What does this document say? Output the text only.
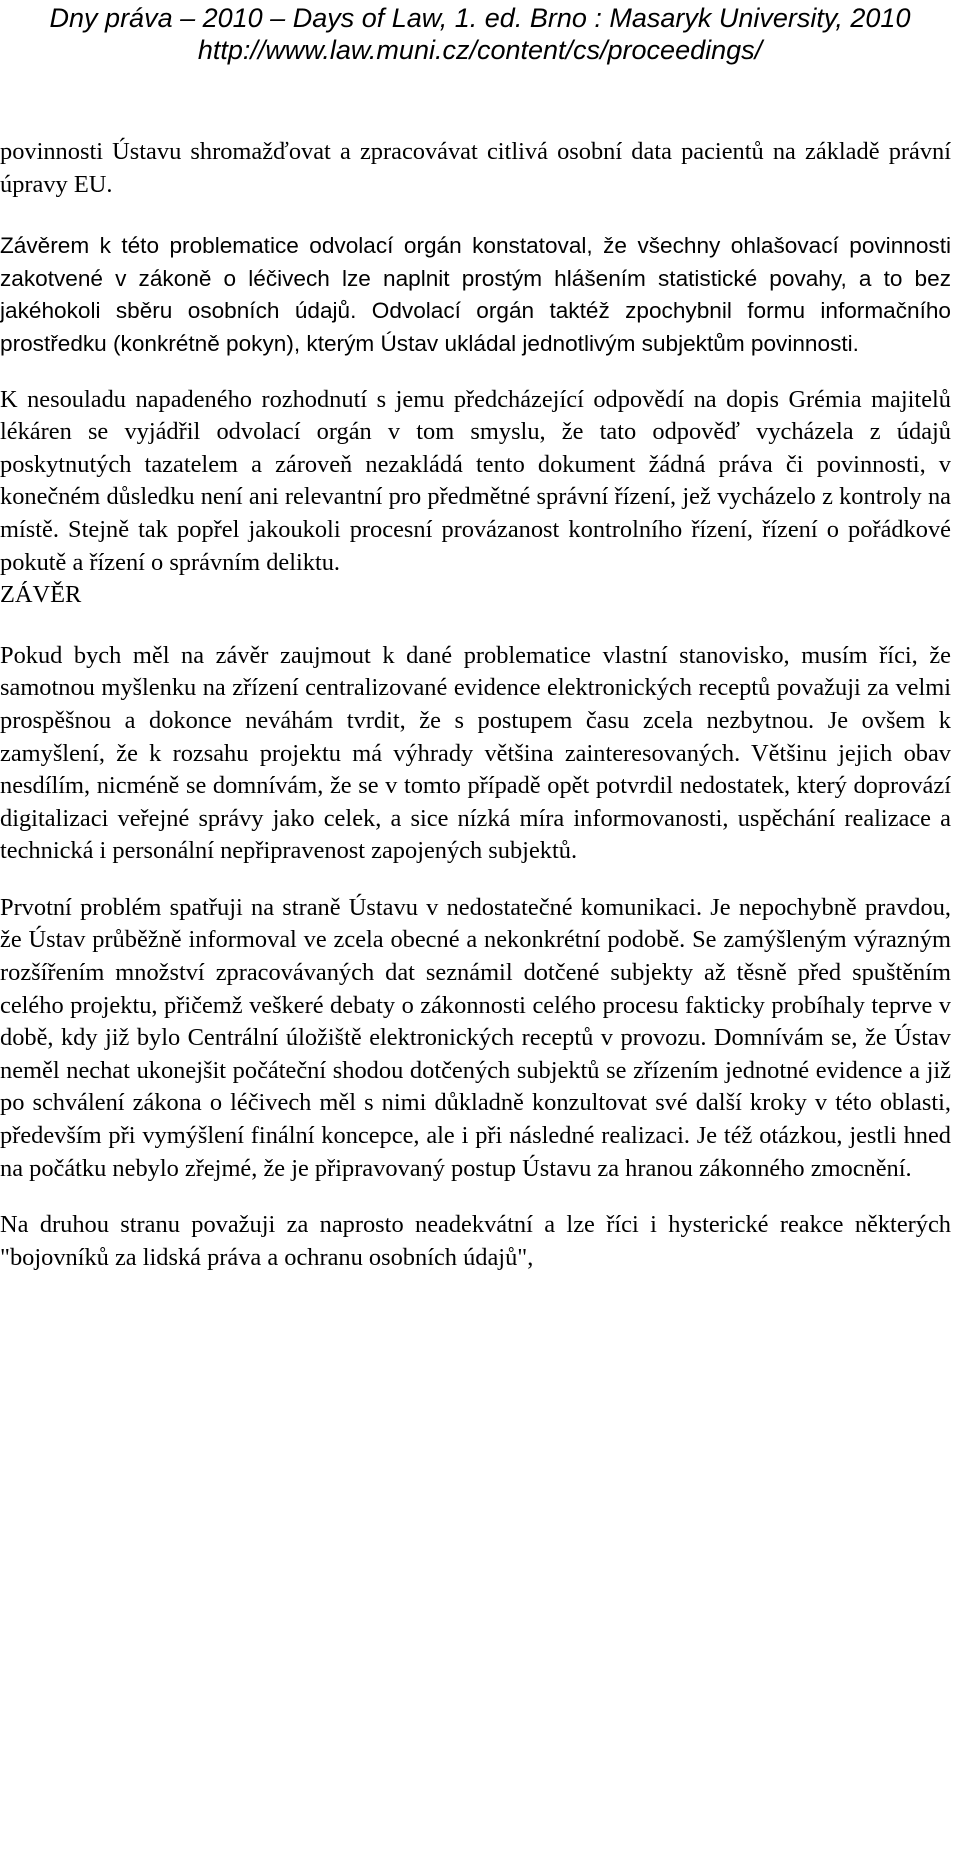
Dny práva – 2010 – Days of Law, 1. ed. Brno : Masaryk University, 2010
http://www.law.muni.cz/content/cs/proceedings/

povinnosti Ústavu shromažďovat a zpracovávat citlivá osobní data pacientů na základě právní úpravy EU.

Závěrem k této problematice odvolací orgán konstatoval, že všechny ohlašovací povinnosti zakotvené v zákoně o léčivech lze naplnit prostým hlášením statistické povahy, a to bez jakéhokoli sběru osobních údajů. Odvolací orgán taktéž zpochybnil formu informačního prostředku (konkrétně pokyn), kterým Ústav ukládal jednotlivým subjektům povinnosti.

K nesouladu napadeného rozhodnutí s jemu předcházející odpovědí na dopis Grémia majitelů lékáren se vyjádřil odvolací orgán v tom smyslu, že tato odpověď vycházela z údajů poskytnutých tazatelem a zároveň nezakládá tento dokument žádná práva či povinnosti, v konečném důsledku není ani relevantní pro předmětné správní řízení, jež vycházelo z kontroly na místě. Stejně tak popřel jakoukoli procesní provázanost kontrolního řízení, řízení o pořádkové pokutě a řízení o správním deliktu.

ZÁVĚR

Pokud bych měl na závěr zaujmout k dané problematice vlastní stanovisko, musím říci, že samotnou myšlenku na zřízení centralizované evidence elektronických receptů považuji za velmi prospěšnou a dokonce neváhám tvrdit, že s postupem času zcela nezbytnou. Je ovšem k zamyšlení, že k rozsahu projektu má výhrady většina zainteresovaných. Většinu jejich obav nesdílím, nicméně se domnívám, že se v tomto případě opět potvrdil nedostatek, který doprovází digitalizaci veřejné správy jako celek, a sice nízká míra informovanosti, uspěchání realizace a technická i personální nepřipravenost zapojených subjektů.

Prvotní problém spatřuji na straně Ústavu v nedostatečné komunikaci. Je nepochybně pravdou, že Ústav průběžně informoval ve zcela obecné a nekonkrétní podobě. Se zamýšleným výrazným rozšířením množství zpracovávaných dat seznámil dotčené subjekty až těsně před spuštěním celého projektu, přičemž veškeré debaty o zákonnosti celého procesu fakticky probíhaly teprve v době, kdy již bylo Centrální úložiště elektronických receptů v provozu. Domnívám se, že Ústav neměl nechat ukonejšit počáteční shodou dotčených subjektů se zřízením jednotné evidence a již po schválení zákona o léčivech měl s nimi důkladně konzultovat své další kroky v této oblasti, především při vymýšlení finální koncepce, ale i při následné realizaci. Je též otázkou, jestli hned na počátku nebylo zřejmé, že je připravovaný postup Ústavu za hranou zákonného zmocnění.

Na druhou stranu považuji za naprosto neadekvátní a lze říci i hysterické reakce některých "bojovníků za lidská práva a ochranu osobních údajů",
